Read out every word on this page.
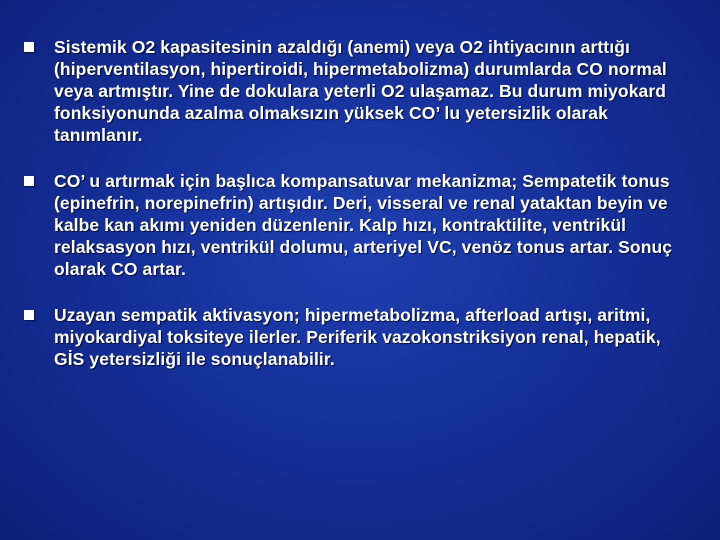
Sistemik O2 kapasitesinin azaldığı (anemi) veya O2 ihtiyacının arttığı (hiperventilasyon, hipertiroidi, hipermetabolizma) durumlarda CO normal veya artmıştır. Yine de dokulara yeterli O2 ulaşamaz. Bu durum miyokard fonksiyonunda azalma olmaksızın yüksek CO’ lu yetersizlik olarak tanımlanır.
CO’ u artırmak için başlıca kompansatuvar mekanizma; Sempatetik tonus (epinefrin, norepinefrin) artışıdır. Deri, visseral ve renal yataktan beyin ve kalbe kan akımı yeniden düzenlenir. Kalp hızı, kontraktilite, ventrikül relaksasyon hızı, ventrikül dolumu, arteriyel VC, venöz tonus artar. Sonuç olarak CO artar.
Uzayan sempatik aktivasyon; hipermetabolizma, afterload artışı, aritmi, miyokardiyal toksiteye ilerler. Periferik vazokonstriksiyon renal, hepatik, GİS yetersizliği ile sonuçlanabilir.
